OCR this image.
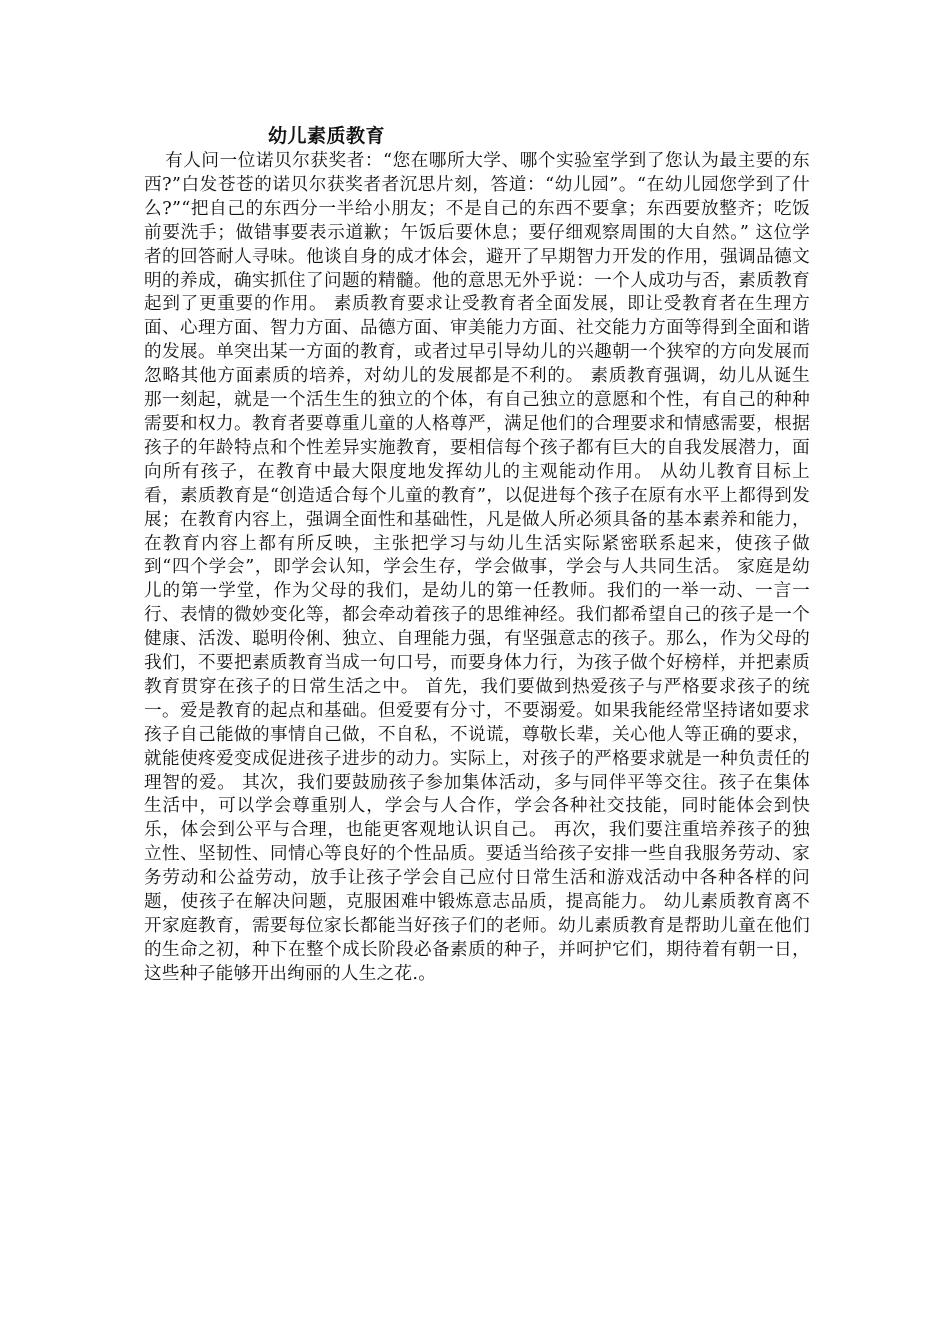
幼儿素质教育

有人问一位诺贝尔获奖者：“您在哪所大学、哪个实验室学到了您认为最主要的东西?”白发苍苍的诺贝尔获奖者者沉思片刻，答道：“幼儿园”。“在幼儿园您学到了什么?”“把自己的东西分一半给小朋友；不是自己的东西不要拿；东西要放整齐；吃饭前要洗手；做错事要表示道歉；午饭后要休息；要仔细观察周围的大自然。” 这位学者的回答耐人寻味。他谈自身的成才体会，避开了早期智力开发的作用，强调品德文明的养成，确实抓住了问题的精髓。他的意思无外乎说：一个人成功与否，素质教育起到了更重要的作用。 素质教育要求让受教育者全面发展，即让受教育者在生理方面、心理方面、智力方面、品德方面、审美能力方面、社交能力方面等得到全面和谐的发展。单突出某一方面的教育，或者过早引导幼儿的兴趣朝一个狭窄的方向发展而忽略其他方面素质的培养，对幼儿的发展都是不利的。 素质教育强调，幼儿从诞生那一刻起，就是一个活生生的独立的个体，有自己独立的意愿和个性，有自己的种种需要和权力。教育者要尊重儿童的人格尊严，满足他们的合理要求和情感需要，根据孩子的年龄特点和个性差异实施教育，要相信每个孩子都有巨大的自我发展潜力，面向所有孩子，在教育中最大限度地发挥幼儿的主观能动作用。 从幼儿教育目标上看，素质教育是“创造适合每个儿童的教育”，以促进每个孩子在原有水平上都得到发展；在教育内容上，强调全面性和基础性，凡是做人所必须具备的基本素养和能力，在教育内容上都有所反映，主张把学习与幼儿生活实际紧密联系起来，使孩子做到“四个学会”，即学会认知，学会生存，学会做事，学会与人共同生活。 家庭是幼儿的第一学堂，作为父母的我们，是幼儿的第一任教师。我们的一举一动、一言一行、表情的微妙变化等，都会牵动着孩子的思维神经。我们都希望自己的孩子是一个健康、活泼、聪明伶俐、独立、自理能力强，有坚强意志的孩子。那么，作为父母的我们，不要把素质教育当成一句口号，而要身体力行，为孩子做个好榜样，并把素质教育贯穿在孩子的日常生活之中。 首先，我们要做到热爱孩子与严格要求孩子的统一。爱是教育的起点和基础。但爱要有分寸，不要溺爱。如果我能经常坚持诸如要求孩子自己能做的事情自己做，不自私，不说谎，尊敬长辈，关心他人等正确的要求，就能使疼爱变成促进孩子进步的动力。实际上，对孩子的严格要求就是一种负责任的理智的爱。 其次，我们要鼓励孩子参加集体活动，多与同伴平等交往。孩子在集体生活中，可以学会尊重别人，学会与人合作，学会各种社交技能，同时能体会到快乐，体会到公平与合理，也能更客观地认识自己。 再次，我们要注重培养孩子的独立性、坚韧性、同情心等良好的个性品质。要适当给孩子安排一些自我服务劳动、家务劳动和公益劳动，放手让孩子学会自己应付日常生活和游戏活动中各种各样的问题，使孩子在解决问题，克服困难中锻炼意志品质，提高能力。 幼儿素质教育离不开家庭教育，需要每位家长都能当好孩子们的老师。幼儿素质教育是帮助儿童在他们的生命之初，种下在整个成长阶段必备素质的种子，并呵护它们，期待着有朝一日，这些种子能够开出绚丽的人生之花.。
